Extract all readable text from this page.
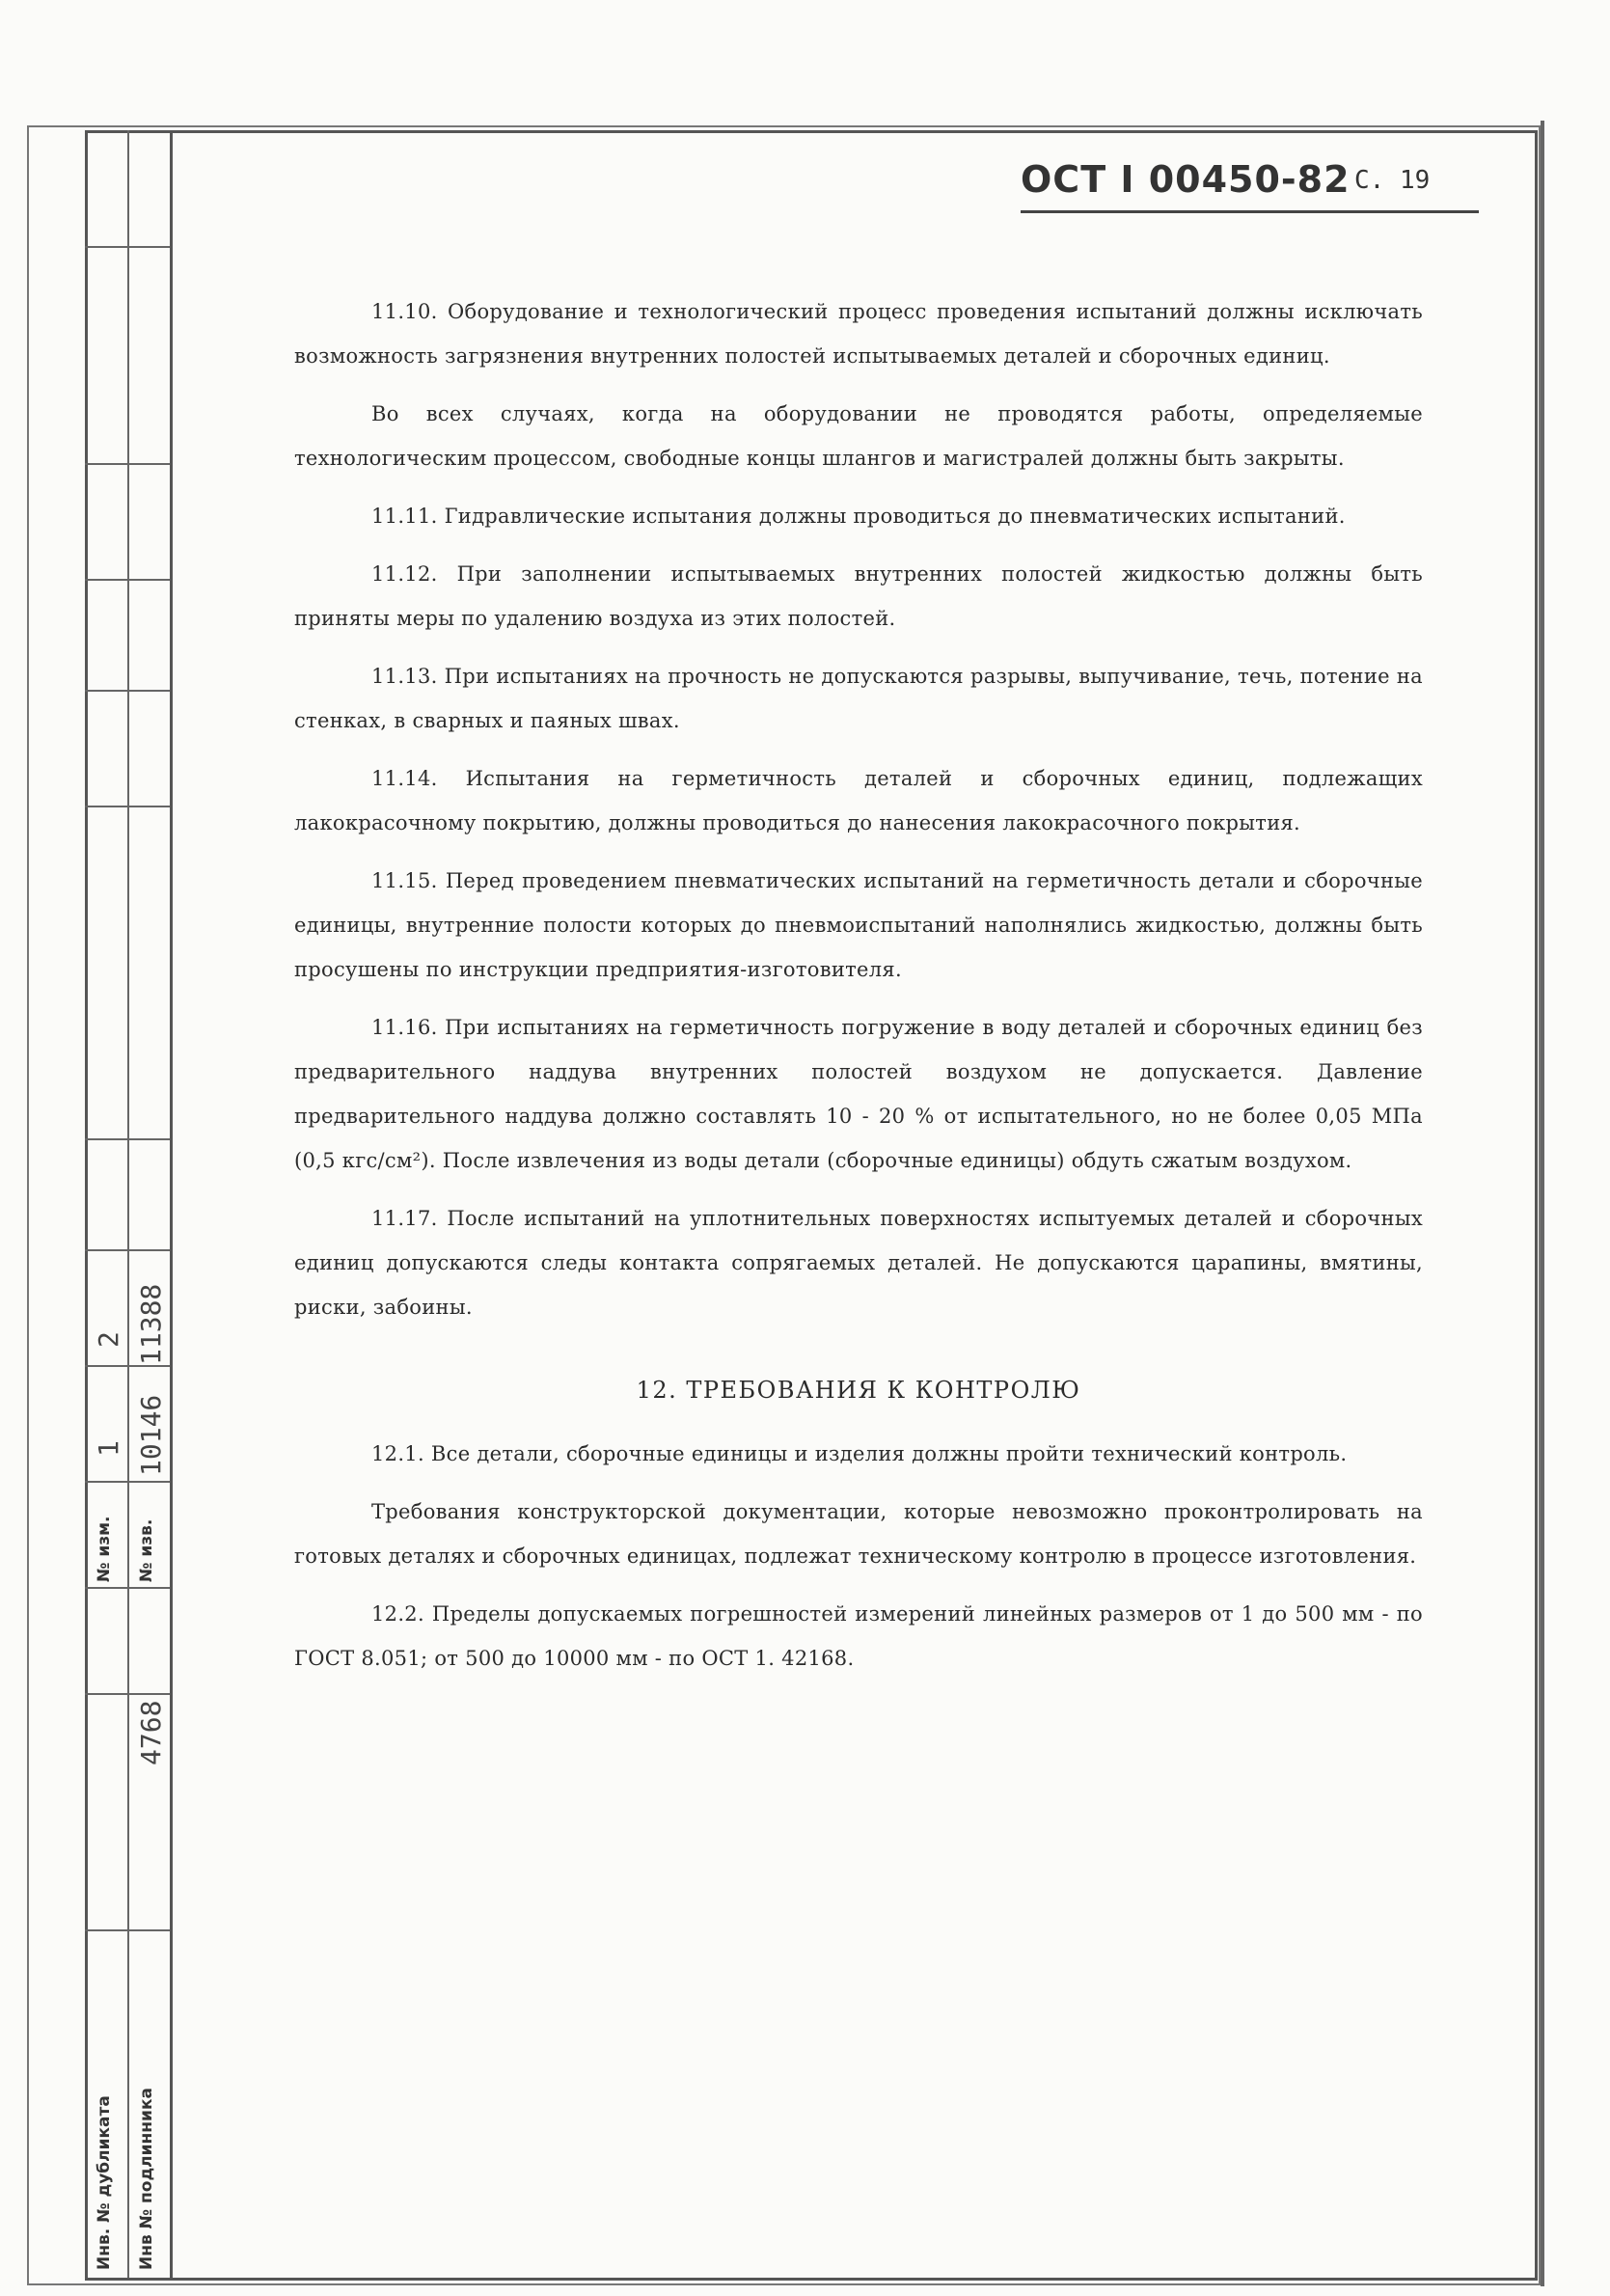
№ изм. № изв.
1
2
10146
11388
4768
Инв. № дубликата Инв № подлинника
ОСТ I 00450-82 С. 19

11.10. Оборудование и технологический процесс проведения испытаний должны исключать возможность загрязнения внутренних полостей испытываемых деталей и сборочных единиц.

Во всех случаях, когда на оборудовании не проводятся работы, определяемые технологическим процессом, свободные концы шлангов и магистралей должны быть закрыты.

11.11. Гидравлические испытания должны проводиться до пневматических испытаний.

11.12. При заполнении испытываемых внутренних полостей жидкостью должны быть приняты меры по удалению воздуха из этих полостей.

11.13. При испытаниях на прочность не допускаются разрывы, выпучивание, течь, потение на стенках, в сварных и паяных швах.

11.14. Испытания на герметичность деталей и сборочных единиц, подлежащих лакокрасочному покрытию, должны проводиться до нанесения лакокрасочного покрытия.

11.15. Перед проведением пневматических испытаний на герметичность детали и сборочные единицы, внутренние полости которых до пневмоиспытаний наполнялись жидкостью, должны быть просушены по инструкции предприятия-изготовителя.

11.16. При испытаниях на герметичность погружение в воду деталей и сборочных единиц без предварительного наддува внутренних полостей воздухом не допускается. Давление предварительного наддува должно составлять 10 - 20 % от испытательного, но не более 0,05 МПа (0,5 кгс/см²). После извлечения из воды детали (сборочные единицы) обдуть сжатым воздухом.

11.17. После испытаний на уплотнительных поверхностях испытуемых деталей и сборочных единиц допускаются следы контакта сопрягаемых деталей. Не допускаются царапины, вмятины, риски, забоины.

12. ТРЕБОВАНИЯ К КОНТРОЛЮ

12.1. Все детали, сборочные единицы и изделия должны пройти технический контроль.

Требования конструкторской документации, которые невозможно проконтролировать на готовых деталях и сборочных единицах, подлежат техническому контролю в процессе изготовления.

12.2. Пределы допускаемых погрешностей измерений линейных размеров от 1 до 500 мм - по ГОСТ 8.051; от 500 до 10000 мм - по ОСТ 1. 42168.
